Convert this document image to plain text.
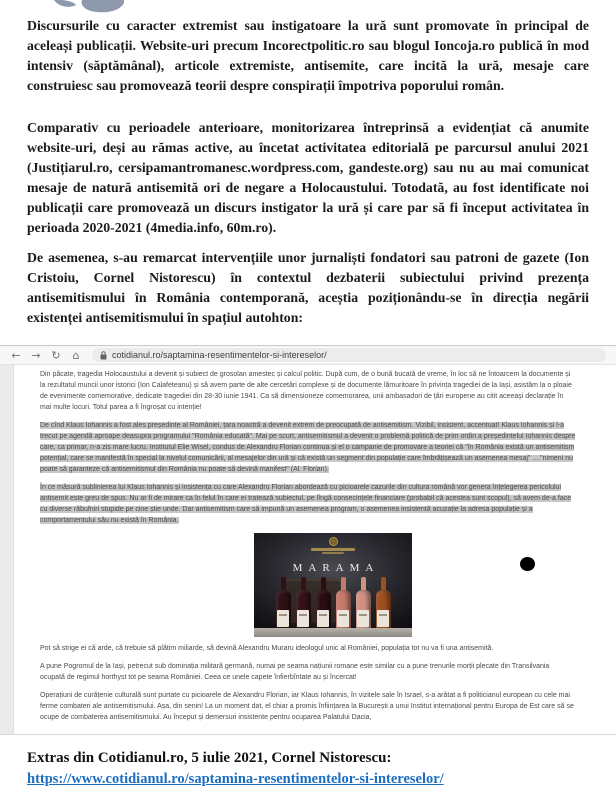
Discursurile cu caracter extremist sau instigatoare la ură sunt promovate în principal de aceleași publicații. Website-uri precum Incorectpolitic.ro sau blogul Ioncoja.ro publică în mod intensiv (săptămânal), articole extremiste, antisemite, care incită la ură, mesaje care construiesc sau promovează teorii despre conspirații împotriva poporului român.

Comparativ cu perioadele anterioare, monitorizarea întreprinsă a evidențiat că anumite website-uri, deși au rămas active, au încetat activitatea editorială pe parcursul anului 2021 (Justițiarul.ro, cersipamantromanesc.wordpress.com, gandeste.org) sau nu au mai comunicat mesaje de natură antisemită ori de negare a Holocaustului. Totodată, au fost identificate noi publicații care promovează un discurs instigator la ură și care par să fi început activitatea în perioada 2020-2021 (4media.info, 60m.ro).

De asemenea, s-au remarcat intervențiile unor jurnaliști fondatori sau patroni de gazete (Ion Cristoiu, Cornel Nistorescu) în contextul dezbaterii subiectului privind prezența antisemitismului în România contemporană, aceștia poziționându-se în direcția negării existenței antisemitismului în spațiul autohton:

← → ↻	⌂	cotidianul.ro/saptamina-resentimentelor-si-intereselor/

Din păcate, tragedia Holocaustului a devenit și subiect de grosolan amestec și calcul politic. După cum, de o bună bucată de vreme, în loc să ne întoarcem la documente și la rezultatul muncii unor istorici (Ion Calafeteanu) și să avem parte de alte cercetări complexe și de documente lămuritoare în privința tragediei de la Iași, asistăm la o ploaie de evenimente comemorative, dedicate tragediei din 28-30 iunie 1941. Ca să dimensioneze comemorarea, unii ambasadori de țări europene au citit aceeași declarație în mai multe locuri. Totul parea a fi îngroșat cu intenție!

De cînd Klaus Iohannis a fost ales președinte al României, țara noastră a devenit extrem de preocupată de antisemitism. Vizibil, insistent, accentuat! Klaus Iohannis și l-a trecut pe agendă aproape deasupra programului "România educată". Mai pe scurt, antisemitismul a devenit o problemă politică de prim ordin a președintelui Iohannis despre care, ca primar, n-a zis mare lucru. Institutul Elie Wisel, condus de Alexandru Florian continua și el o campanie de promovare a teoriei că "în România există un antisemitism potențial, care se manifestă în special la nivelul comunicării, al mesajelor din ură și că există un segment din populație care îmbrățișează un asemenea mesaj" ...."nimeni nu poate să garanteze că antisemitismul din România nu poate să devină manifest" (Al. Florian).

În ce măsură sublinierea lui Klaus Iohannis și insistența cu care Alexandru Florian abordează cu picioarele cazurile din cultura română vor genera înțelegerea pericolului antisemit este greu de spus. Nu ar fi de mirare ca în felul în care ei tratează subiectul, pe lîngă consecințele financiare (probabil că acestea sunt scopul), să avem de-a face cu diverse răbufniri stupide pe cine știe unde. Dar antisemitism care să impună un asemenea program, o asemenea insistentă acuzație la adresa populație și a comportamentului său nu există în România.

MARAMA

Pot să strige ei că arde, că trebuie să plătim miliarde, să devină Alexandru Muraru ideologul unic al României, populația tot nu va fi una antisemită.

A pune Pogromul de la Iași, petrecut sub dominația militară germană, numai pe seama națiunii romane este similar cu a pune trenurile morții plecate din Transilvania ocupată de regimul horthyst tot pe seama României. Ceea ce unele capete înfierbîntate au și încercat!

Operațiuni de curățenie culturală sunt purtate cu picioarele de Alexandru Florian, iar Klaus Iohannis, în vizitele sale în Israel, s-a arătat a fi politicianul european cu cele mai ferme combateri ale antisemitismului. Așa, din senin! La un moment dat, el chiar a promis înființarea la București a unui Institut internațional pentru Europa de Est care să se ocupe de combaterea antisemitismului. Au început și demersuri insistente pentru ocuparea Palatului Dacia,

Extras din Cotidianul.ro, 5 iulie 2021, Cornel Nistorescu:
https://www.cotidianul.ro/saptamina-resentimentelor-si-intereselor/
